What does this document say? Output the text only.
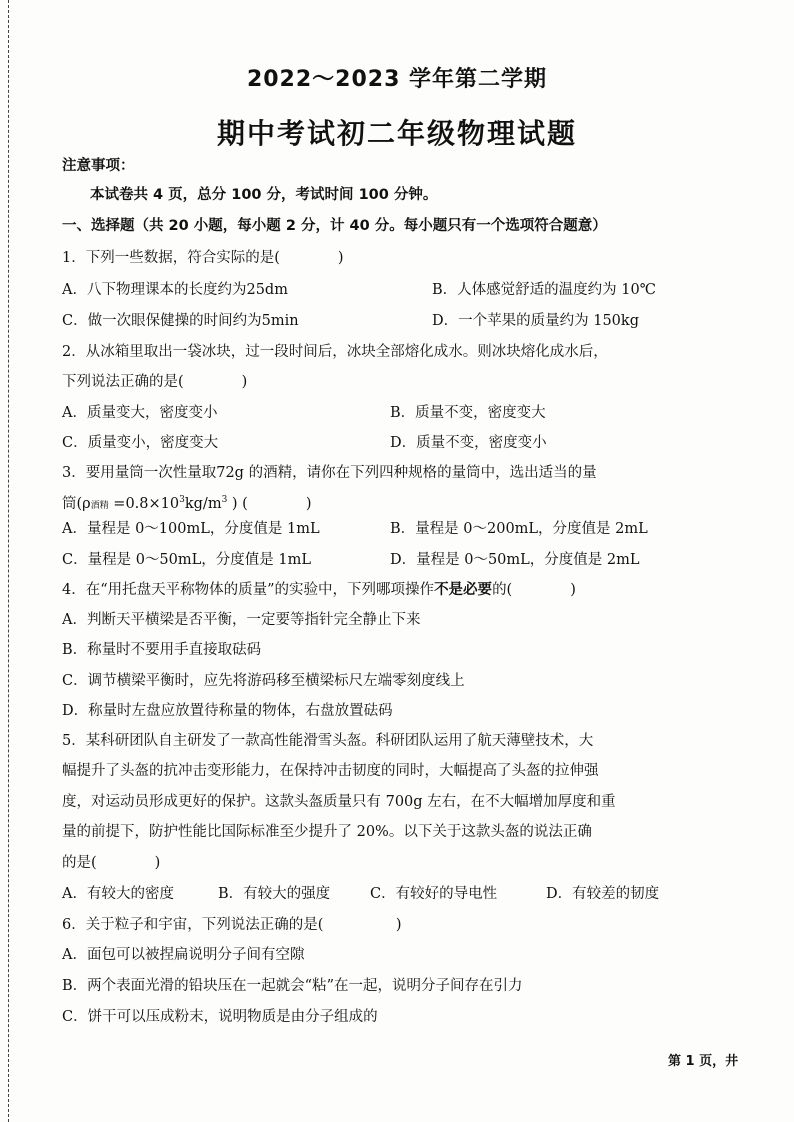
2022～2023 学年第二学期
期中考试初二年级物理试题
注意事项：
本试卷共 4 页，总分 100 分，考试时间 100 分钟。
一、选择题（共 20 小题，每小题 2 分，计 40 分。每小题只有一个选项符合题意）
1．下列一些数据，符合实际的是(　　　　)
A．八下物理课本的长度约为25dm	B．人体感觉舒适的温度约为 10℃
C．做一次眼保健操的时间约为5min	D．一个苹果的质量约为 150kg
2．从冰箱里取出一袋冰块，过一段时间后，冰块全部熔化成水。则冰块熔化成水后，
下列说法正确的是(　　　　)
A．质量变大，密度变小	B．质量不变，密度变大
C．质量变小，密度变大	D．质量不变，密度变小
3．要用量筒一次性量取72g 的酒精，请你在下列四种规格的量筒中，选出适当的量
筒(ρ酒精 $=0.8\times 10^3kg/m^3$ ) (　　　　)
A．量程是 0～100mL，分度值是 1mL	B．量程是 0～200mL，分度值是 2mL
C．量程是 0～50mL，分度值是 1mL	D．量程是 0～50mL，分度值是 2mL
4．在“用托盘天平称物体的质量”的实验中，下列哪项操作不是必要的(　　　　)
A．判断天平横梁是否平衡，一定要等指针完全静止下来
B．称量时不要用手直接取砝码
C．调节横梁平衡时，应先将游码移至横梁标尺左端零刻度线上
D．称量时左盘应放置待称量的物体，右盘放置砝码
5．某科研团队自主研发了一款高性能滑雪头盔。科研团队运用了航天薄壁技术，大
幅提升了头盔的抗冲击变形能力，在保持冲击韧度的同时，大幅提高了头盔的拉伸强
度，对运动员形成更好的保护。这款头盔质量只有 700g 左右，在不大幅增加厚度和重
量的前提下，防护性能比国际标准至少提升了 20%。以下关于这款头盔的说法正确
的是(　　　　)
A．有较大的密度	B．有较大的强度	C．有较好的导电性	D．有较差的韧度
6．关于粒子和宇宙，下列说法正确的是(　　　　　)
A．面包可以被捏扁说明分子间有空隙
B．两个表面光滑的铅块压在一起就会“粘”在一起，说明分子间存在引力
C．饼干可以压成粉末，说明物质是由分子组成的
第 1 页，井
